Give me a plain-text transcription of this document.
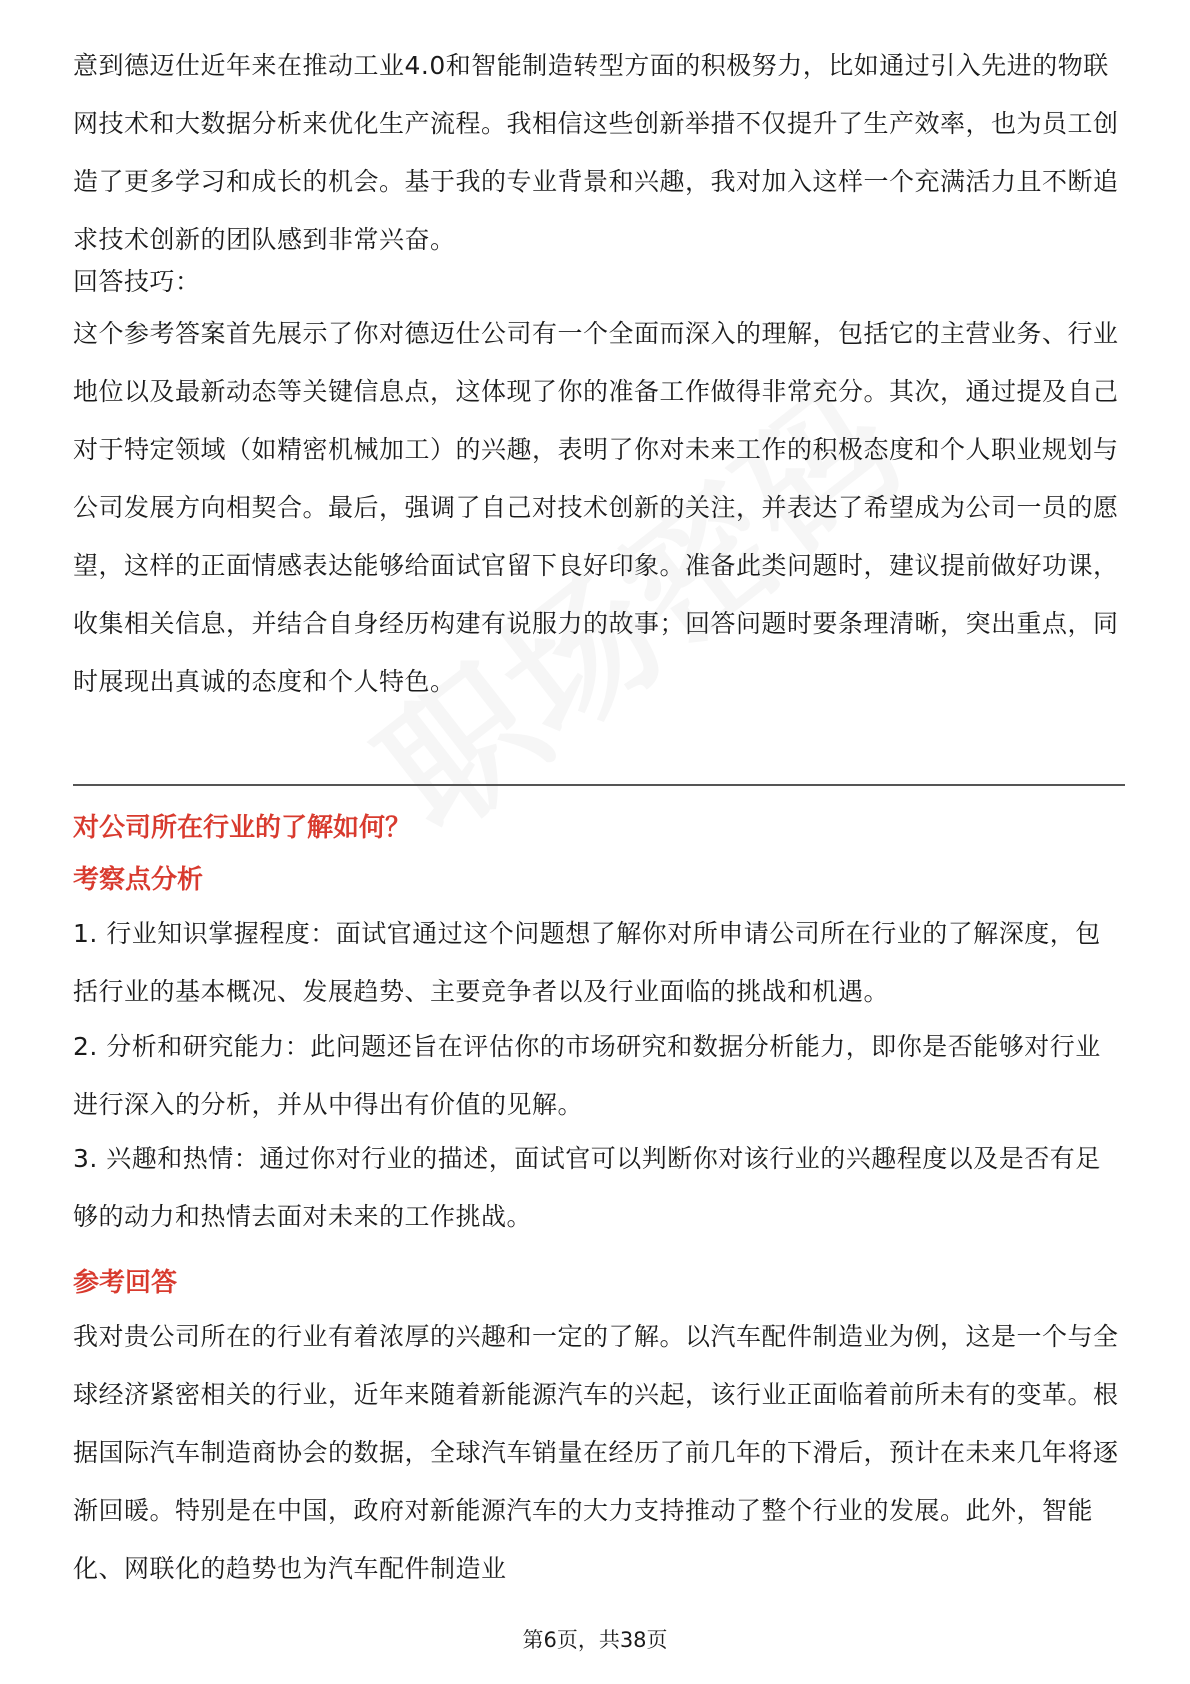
意到德迈仕近年来在推动工业4.0和智能制造转型方面的积极努力，比如通过引入先进的物联网技术和大数据分析来优化生产流程。我相信这些创新举措不仅提升了生产效率，也为员工创造了更多学习和成长的机会。基于我的专业背景和兴趣，我对加入这样一个充满活力且不断追求技术创新的团队感到非常兴奋。

回答技巧：

这个参考答案首先展示了你对德迈仕公司有一个全面而深入的理解，包括它的主营业务、行业地位以及最新动态等关键信息点，这体现了你的准备工作做得非常充分。其次，通过提及自己对于特定领域（如精密机械加工）的兴趣，表明了你对未来工作的积极态度和个人职业规划与公司发展方向相契合。最后，强调了自己对技术创新的关注，并表达了希望成为公司一员的愿望，这样的正面情感表达能够给面试官留下良好印象。准备此类问题时，建议提前做好功课，收集相关信息，并结合自身经历构建有说服力的故事；回答问题时要条理清晰，突出重点，同时展现出真诚的态度和个人特色。

对公司所在行业的了解如何？

考察点分析

1. 行业知识掌握程度：面试官通过这个问题想了解你对所申请公司所在行业的了解深度，包括行业的基本概况、发展趋势、主要竞争者以及行业面临的挑战和机遇。

2. 分析和研究能力：此问题还旨在评估你的市场研究和数据分析能力，即你是否能够对行业进行深入的分析，并从中得出有价值的见解。

3. 兴趣和热情：通过你对行业的描述，面试官可以判断你对该行业的兴趣程度以及是否有足够的动力和热情去面对未来的工作挑战。

参考回答

我对贵公司所在的行业有着浓厚的兴趣和一定的了解。以汽车配件制造业为例，这是一个与全球经济紧密相关的行业，近年来随着新能源汽车的兴起，该行业正面临着前所未有的变革。根据国际汽车制造商协会的数据，全球汽车销量在经历了前几年的下滑后，预计在未来几年将逐渐回暖。特别是在中国，政府对新能源汽车的大力支持推动了整个行业的发展。此外，智能化、网联化的趋势也为汽车配件制造业

第6页，共38页
